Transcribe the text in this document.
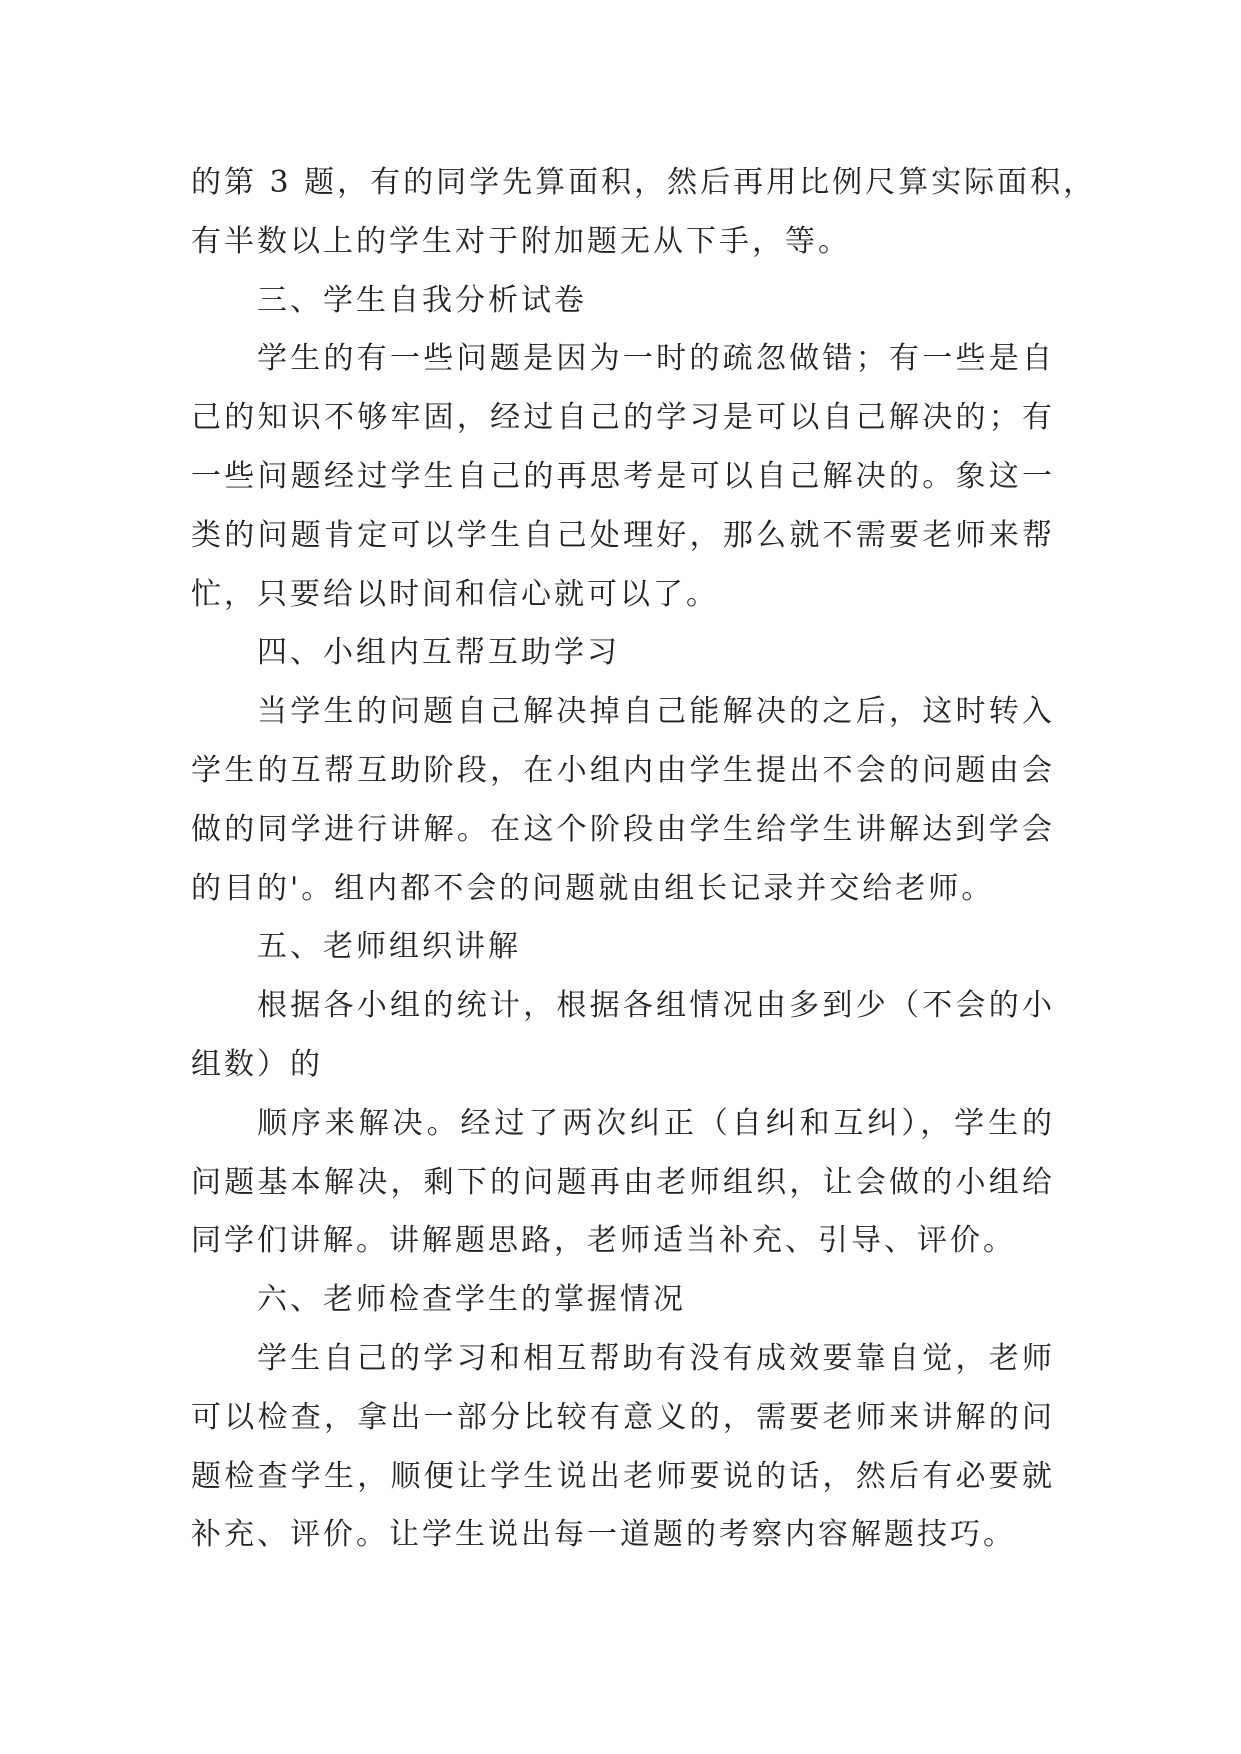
的第 3 题，有的同学先算面积，然后再用比例尺算实际面积，
有半数以上的学生对于附加题无从下手，等。
三、学生自我分析试卷
学生的有一些问题是因为一时的疏忽做错；有一些是自
己的知识不够牢固，经过自己的学习是可以自己解决的；有
一些问题经过学生自己的再思考是可以自己解决的。象这一
类的问题肯定可以学生自己处理好，那么就不需要老师来帮
忙，只要给以时间和信心就可以了。
四、小组内互帮互助学习
当学生的问题自己解决掉自己能解决的之后，这时转入
学生的互帮互助阶段，在小组内由学生提出不会的问题由会
做的同学进行讲解。在这个阶段由学生给学生讲解达到学会
的目的'。组内都不会的问题就由组长记录并交给老师。
五、老师组织讲解
根据各小组的统计，根据各组情况由多到少（不会的小
组数）的
顺序来解决。经过了两次纠正（自纠和互纠），学生的
问题基本解决，剩下的问题再由老师组织，让会做的小组给
同学们讲解。讲解题思路，老师适当补充、引导、评价。
六、老师检查学生的掌握情况
学生自己的学习和相互帮助有没有成效要靠自觉，老师
可以检查，拿出一部分比较有意义的，需要老师来讲解的问
题检查学生，顺便让学生说出老师要说的话，然后有必要就
补充、评价。让学生说出每一道题的考察内容解题技巧。
